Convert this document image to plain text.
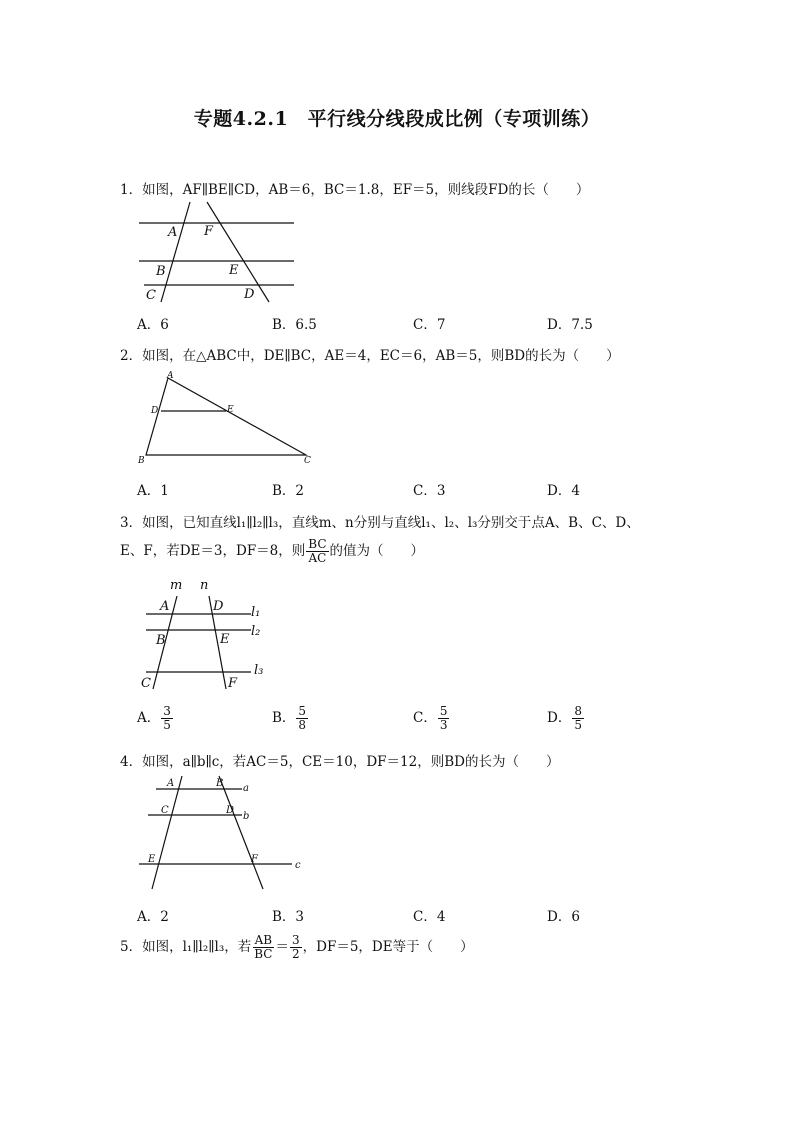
专题4.2.1　平行线分线段成比例（专项训练）
1．如图，AF∥BE∥CD，AB＝6，BC＝1.8，EF＝5，则线段FD的长（　　）
A F
B	E
C	D
A．6	B．6.5	C．7	D．7.5
2．如图，在△ABC中，DE∥BC，AE＝4，EC＝6，AB＝5，则BD的长为（　　）
A
D	E
B	C
A．1	B．2	C．3	D．4
3．如图，已知直线l₁∥l₂∥l₃，直线m、n分别与直线l₁、l₂、l₃分别交于点A、B、C、D、
E、F，若DE＝3，DF＝8，则 $\frac{BC}{AC}$ 的值为（　　）
m n
A	D l₁
B	E
l₂
l₃
C	F
A． $\frac{3}{5}$	B． $\frac{5}{8}$	C． $\frac{5}{3}$	D． $\frac{8}{5}$
4．如图，a∥b∥c，若AC＝5，CE＝10，DF＝12，则BD的长为（　　）
A	B a
C	D
b
E	F
c
A．2	B．3	C．4	D．6
5．如图，l₁∥l₂∥l₃，若 $\frac{AB}{BC} = \frac{3}{2}$ ，DF＝5，DE等于（　　）
